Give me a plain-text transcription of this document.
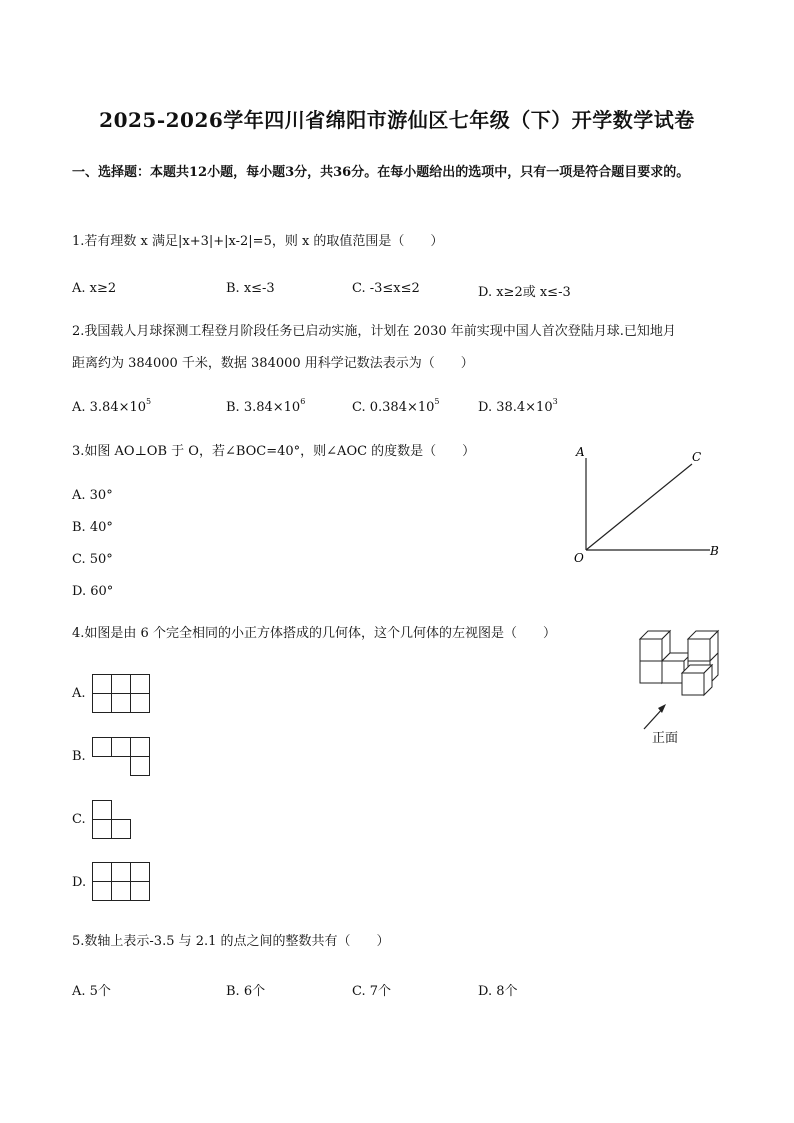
2025-2026学年四川省绵阳市游仙区七年级（下）开学数学试卷
一、选择题：本题共12小题，每小题3分，共36分。在每小题给出的选项中，只有一项是符合题目要求的。
1.若有理数 x 满足|x+3|+|x-2|=5，则 x 的取值范围是（　　）
A. x≥2	B. x≤-3	C. -3≤x≤2	D. x≥2或 x≤-3
2.我国载人月球探测工程登月阶段任务已启动实施，计划在 2030 年前实现中国人首次登陆月球.已知地月
距离约为 384000 千米，数据 384000 用科学记数法表示为（　　）
A. $3.84\times 10^5$	B. $3.84\times 10^6$	C. $0.384\times 10^5$	D. $38.4\times 10^3$
3.如图 AO⊥OB 于 O，若∠BOC=40°，则∠AOC 的度数是（　　）
A. 30°
B. 40°
C. 50°
D. 60°
A	C
O	B
4.如图是由 6 个完全相同的小正方体搭成的几何体，这个几何体的左视图是（　　）
A.
B.
C.
D.
正面
5.数轴上表示-3.5 与 2.1 的点之间的整数共有（　　）
A. 5个	B. 6个	C. 7个	D. 8个
